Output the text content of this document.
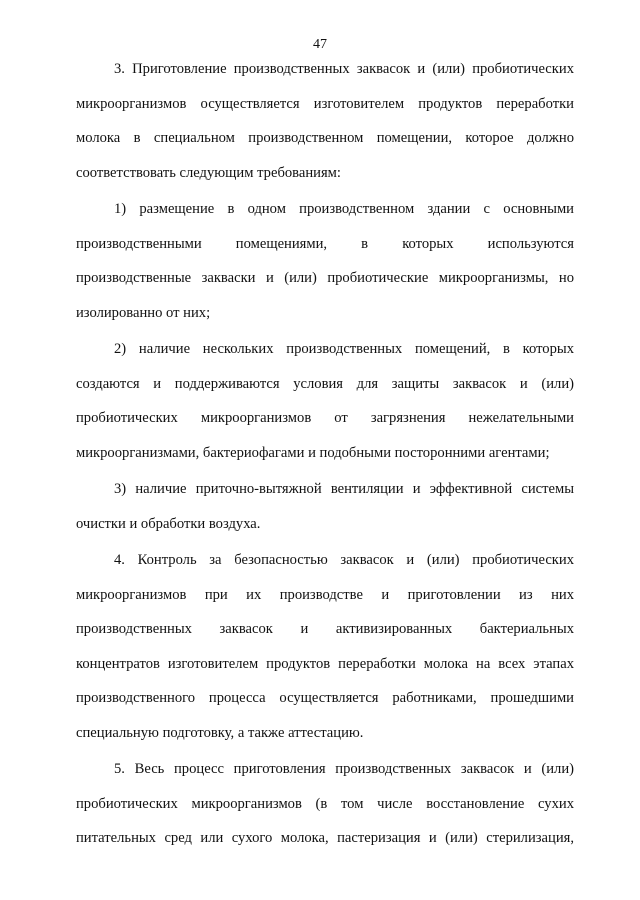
47

3. Приготовление производственных заквасок и (или) пробиотических
микроорганизмов осуществляется изготовителем продуктов переработки
молока в специальном производственном помещении, которое должно
соответствовать следующим требованиям:

1) размещение в одном производственном здании с основными
производственными помещениями, в которых используются
производственные закваски и (или) пробиотические микроорганизмы, но
изолированно от них;

2) наличие нескольких производственных помещений, в которых
создаются и поддерживаются условия для защиты заквасок и (или)
пробиотических микроорганизмов от загрязнения нежелательными
микроорганизмами, бактериофагами и подобными посторонними агентами;

3) наличие приточно-вытяжной вентиляции и эффективной системы
очистки и обработки воздуха.

4. Контроль за безопасностью заквасок и (или) пробиотических
микроорганизмов при их производстве и приготовлении из них
производственных заквасок и активизированных бактериальных
концентратов изготовителем продуктов переработки молока на всех этапах
производственного процесса осуществляется работниками, прошедшими
специальную подготовку, а также аттестацию.

5. Весь процесс приготовления производственных заквасок и (или)
пробиотических микроорганизмов (в том числе восстановление сухих
питательных сред или сухого молока, пастеризация и (или) стерилизация,
